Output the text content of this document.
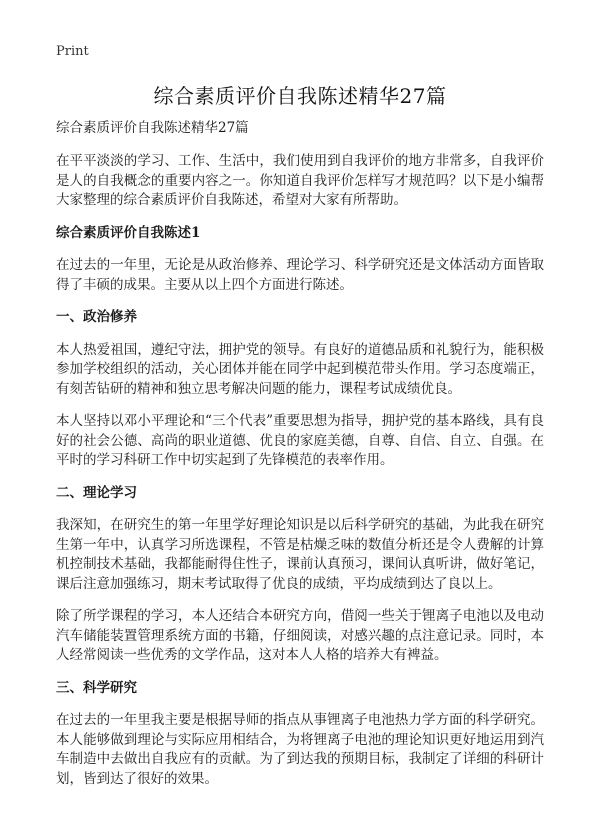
Print
综合素质评价自我陈述精华27篇
综合素质评价自我陈述精华27篇

在平平淡淡的学习、工作、生活中，我们使用到自我评价的地方非常多，自我评价是人的自我概念的重要内容之一。你知道自我评价怎样写才规范吗？以下是小编帮大家整理的综合素质评价自我陈述，希望对大家有所帮助。

综合素质评价自我陈述1

在过去的一年里，无论是从政治修养、理论学习、科学研究还是文体活动方面皆取得了丰硕的成果。主要从以上四个方面进行陈述。

一、政治修养

本人热爱祖国，遵纪守法，拥护党的领导。有良好的道德品质和礼貌行为，能积极参加学校组织的活动，关心团体并能在同学中起到模范带头作用。学习态度端正，有刻苦钻研的精神和独立思考解决问题的能力，课程考试成绩优良。

本人坚持以邓小平理论和“三个代表”重要思想为指导，拥护党的基本路线，具有良好的社会公德、高尚的职业道德、优良的家庭美德，自尊、自信、自立、自强。在平时的学习科研工作中切实起到了先锋模范的表率作用。

二、理论学习

我深知，在研究生的第一年里学好理论知识是以后科学研究的基础，为此我在研究生第一年中，认真学习所选课程，不管是枯燥乏味的数值分析还是令人费解的计算机控制技术基础，我都能耐得住性子，课前认真预习，课间认真听讲，做好笔记，课后注意加强练习，期末考试取得了优良的成绩，平均成绩到达了良以上。

除了所学课程的学习，本人还结合本研究方向，借阅一些关于锂离子电池以及电动汽车储能装置管理系统方面的书籍，仔细阅读，对感兴趣的点注意记录。同时，本人经常阅读一些优秀的文学作品，这对本人人格的培养大有裨益。

三、科学研究

在过去的一年里我主要是根据导师的指点从事锂离子电池热力学方面的科学研究。本人能够做到理论与实际应用相结合，为将锂离子电池的理论知识更好地运用到汽车制造中去做出自我应有的贡献。为了到达我的预期目标，我制定了详细的科研计划，皆到达了很好的效果。
